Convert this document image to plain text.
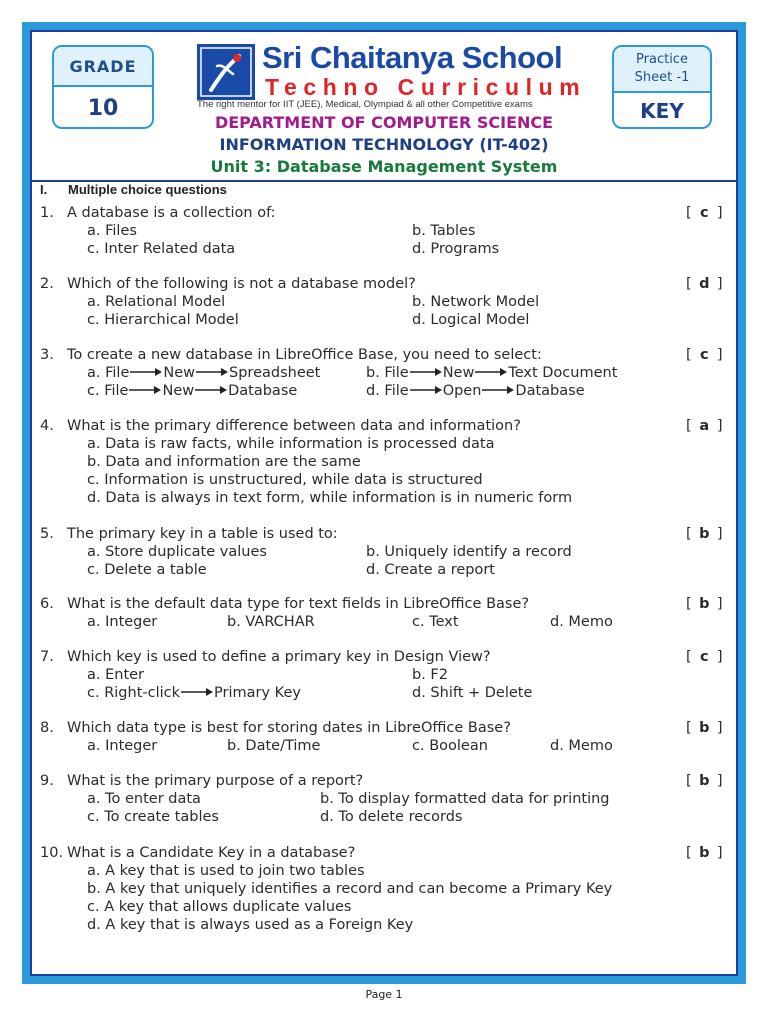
GRADE
10
Sri Chaitanya School
Techno Curriculum
The right mentor for IIT (JEE), Medical, Olympiad & all other Competitive exams
Practice
Sheet -1
KEY
DEPARTMENT OF COMPUTER SCIENCE
INFORMATION TECHNOLOGY (IT-402)
Unit 3: Database Management System
I. Multiple choice questions
1. A database is a collection of:	[ c ]
a. Files	b. Tables
c. Inter Related data	d. Programs
2. Which of the following is not a database model?	[ d ]
a. Relational Model	b. Network Model
c. Hierarchical Model	d. Logical Model
3. To create a new database in LibreOffice Base, you need to select:	[ c ]
a. File New Spreadsheet	b. File New Text Document
c. File New Database	d. File Open Database
4. What is the primary difference between data and information?	[ a ]
a. Data is raw facts, while information is processed data
b. Data and information are the same
c. Information is unstructured, while data is structured
d. Data is always in text form, while information is in numeric form
5. The primary key in a table is used to:	[ b ]
a. Store duplicate values	b. Uniquely identify a record
c. Delete a table	d. Create a report
6. What is the default data type for text fields in LibreOffice Base?	[ b ]
a. Integer	b. VARCHAR	c. Text	d. Memo
7. Which key is used to define a primary key in Design View?	[ c ]
a. Enter	b. F2
c. Right-click Primary Key	d. Shift + Delete
8. Which data type is best for storing dates in LibreOffice Base?	[ b ]
a. Integer	b. Date/Time	c. Boolean	d. Memo
9. What is the primary purpose of a report?	[ b ]
a. To enter data	b. To display formatted data for printing
c. To create tables	d. To delete records
10. What is a Candidate Key in a database?	[ b ]
a. A key that is used to join two tables
b. A key that uniquely identifies a record and can become a Primary Key
c. A key that allows duplicate values
d. A key that is always used as a Foreign Key
Page 1
